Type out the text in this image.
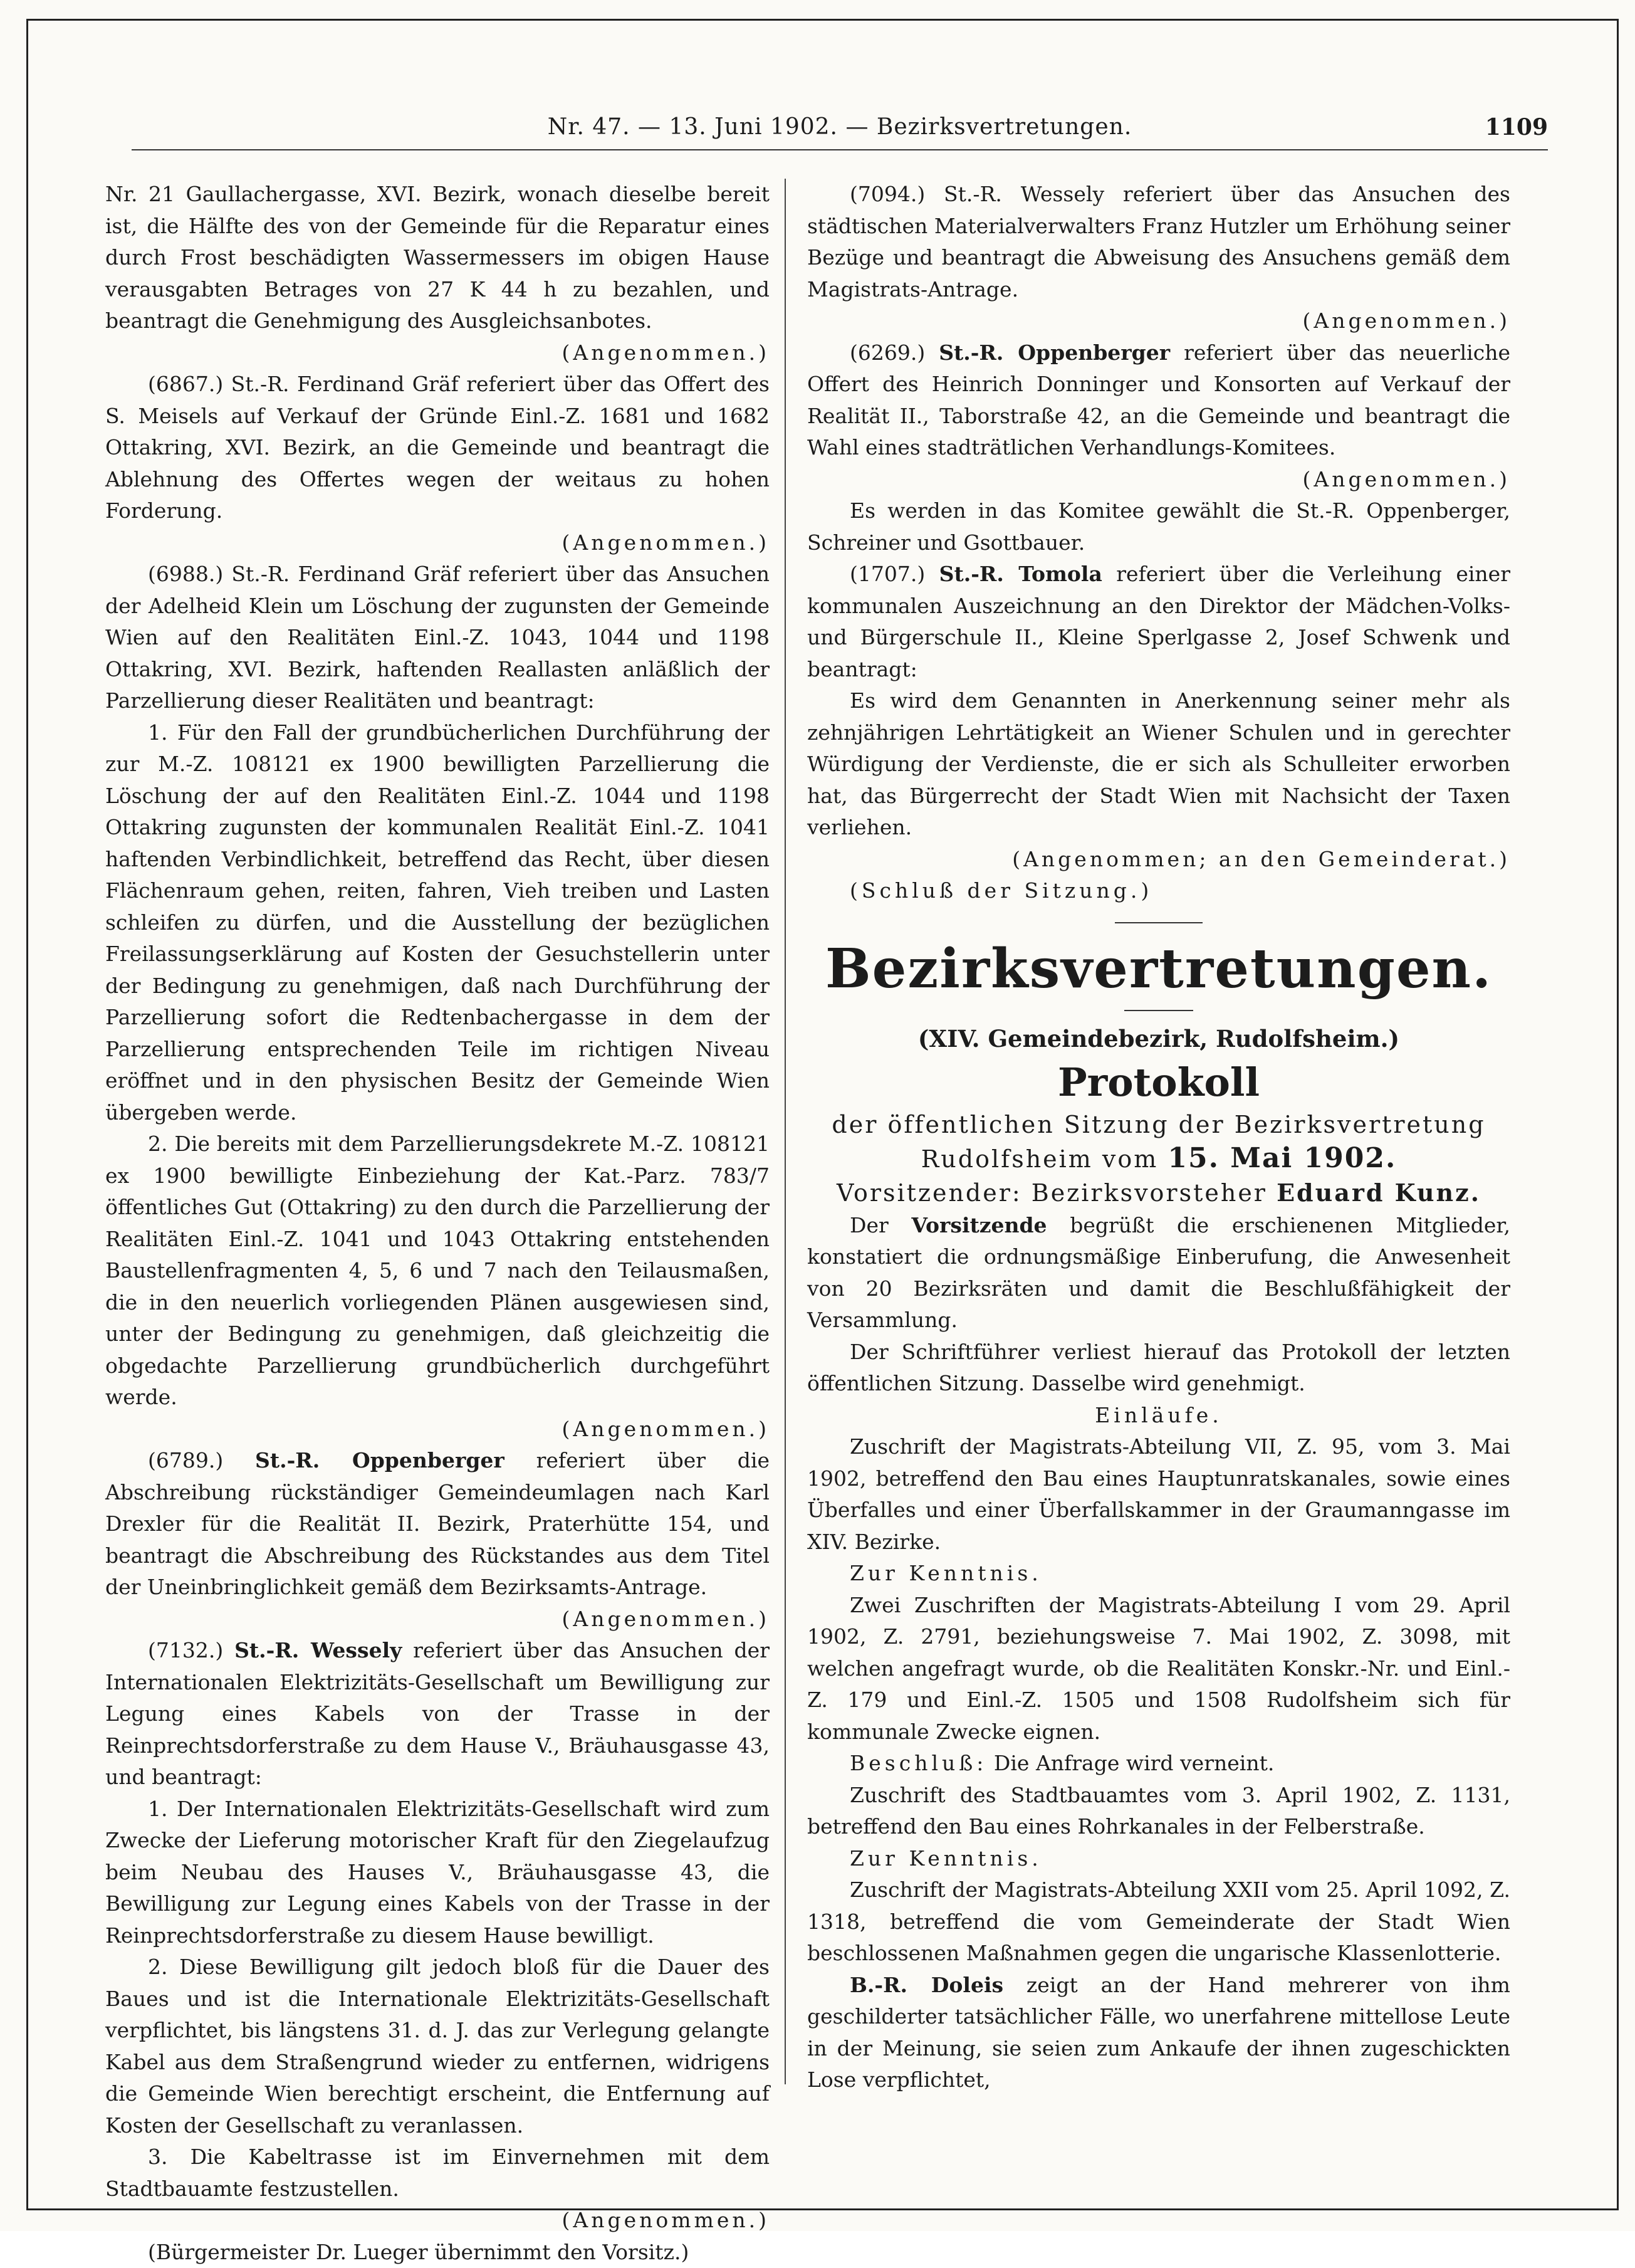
Nr. 47. — 13. Juni 1902. — Bezirksvertretungen.	1109

Nr. 21 Gaullachergasse, XVI. Bezirk, wonach dieselbe bereit ist, die Hälfte des von der Gemeinde für die Reparatur eines durch Frost beschädigten Wassermessers im obigen Hause verausgabten Betrages von 27 K 44 h zu bezahlen, und beantragt die Genehmigung des Ausgleichsanbotes.

(Angenommen.)

(6867.) St.-R. Ferdinand Gräf referiert über das Offert des S. Meisels auf Verkauf der Gründe Einl.-Z. 1681 und 1682 Ottakring, XVI. Bezirk, an die Gemeinde und beantragt die Ablehnung des Offertes wegen der weitaus zu hohen Forderung.

(Angenommen.)

(6988.) St.-R. Ferdinand Gräf referiert über das Ansuchen der Adelheid Klein um Löschung der zugunsten der Gemeinde Wien auf den Realitäten Einl.-Z. 1043, 1044 und 1198 Ottakring, XVI. Bezirk, haftenden Reallasten anläßlich der Parzellierung dieser Realitäten und beantragt:

1. Für den Fall der grundbücherlichen Durchführung der zur M.-Z. 108121 ex 1900 bewilligten Parzellierung die Löschung der auf den Realitäten Einl.-Z. 1044 und 1198 Ottakring zugunsten der kommunalen Realität Einl.-Z. 1041 haftenden Verbindlichkeit, betreffend das Recht, über diesen Flächenraum gehen, reiten, fahren, Vieh treiben und Lasten schleifen zu dürfen, und die Ausstellung der bezüglichen Freilassungserklärung auf Kosten der Gesuchstellerin unter der Bedingung zu genehmigen, daß nach Durchführung der Parzellierung sofort die Redtenbachergasse in dem der Parzellierung entsprechenden Teile im richtigen Niveau eröffnet und in den physischen Besitz der Gemeinde Wien übergeben werde.

2. Die bereits mit dem Parzellierungsdekrete M.-Z. 108121 ex 1900 bewilligte Einbeziehung der Kat.-Parz. 783/7 öffentliches Gut (Ottakring) zu den durch die Parzellierung der Realitäten Einl.-Z. 1041 und 1043 Ottakring entstehenden Baustellenfragmenten 4, 5, 6 und 7 nach den Teilausmaßen, die in den neuerlich vorliegenden Plänen ausgewiesen sind, unter der Bedingung zu genehmigen, daß gleichzeitig die obgedachte Parzellierung grundbücherlich durchgeführt werde.

(Angenommen.)

(6789.) St.-R. Oppenberger referiert über die Abschreibung rückständiger Gemeindeumlagen nach Karl Drexler für die Realität II. Bezirk, Praterhütte 154, und beantragt die Abschreibung des Rückstandes aus dem Titel der Uneinbringlichkeit gemäß dem Bezirksamts-Antrage.

(Angenommen.)

(7132.) St.-R. Wessely referiert über das Ansuchen der Internationalen Elektrizitäts-Gesellschaft um Bewilligung zur Legung eines Kabels von der Trasse in der Reinprechtsdorferstraße zu dem Hause V., Bräuhausgasse 43, und beantragt:

1. Der Internationalen Elektrizitäts-Gesellschaft wird zum Zwecke der Lieferung motorischer Kraft für den Ziegelaufzug beim Neubau des Hauses V., Bräuhausgasse 43, die Bewilligung zur Legung eines Kabels von der Trasse in der Reinprechtsdorferstraße zu diesem Hause bewilligt.

2. Diese Bewilligung gilt jedoch bloß für die Dauer des Baues und ist die Internationale Elektrizitäts-Gesellschaft verpflichtet, bis längstens 31. d. J. das zur Verlegung gelangte Kabel aus dem Straßengrund wieder zu entfernen, widrigens die Gemeinde Wien berechtigt erscheint, die Entfernung auf Kosten der Gesellschaft zu veranlassen.

3. Die Kabeltrasse ist im Einvernehmen mit dem Stadtbauamte festzustellen.

(Angenommen.)

(Bürgermeister Dr. Lueger übernimmt den Vorsitz.)

(7094.) St.-R. Wessely referiert über das Ansuchen des städtischen Materialverwalters Franz Hutzler um Erhöhung seiner Bezüge und beantragt die Abweisung des Ansuchens gemäß dem Magistrats-Antrage.

(Angenommen.)

(6269.) St.-R. Oppenberger referiert über das neuerliche Offert des Heinrich Donninger und Konsorten auf Verkauf der Realität II., Taborstraße 42, an die Gemeinde und beantragt die Wahl eines stadträtlichen Verhandlungs-Komitees.

(Angenommen.)

Es werden in das Komitee gewählt die St.-R. Oppenberger, Schreiner und Gsottbauer.

(1707.) St.-R. Tomola referiert über die Verleihung einer kommunalen Auszeichnung an den Direktor der Mädchen-Volks- und Bürgerschule II., Kleine Sperlgasse 2, Josef Schwenk und beantragt:

Es wird dem Genannten in Anerkennung seiner mehr als zehnjährigen Lehrtätigkeit an Wiener Schulen und in gerechter Würdigung der Verdienste, die er sich als Schulleiter erworben hat, das Bürgerrecht der Stadt Wien mit Nachsicht der Taxen verliehen.

(Angenommen; an den Gemeinderat.)

(Schluß der Sitzung.)

Bezirksvertretungen.
(XIV. Gemeindebezirk, Rudolfsheim.)
Protokoll
der öffentlichen Sitzung der Bezirksvertretung
Rudolfsheim vom 15. Mai 1902.
Vorsitzender: Bezirksvorsteher Eduard Kunz.

Der Vorsitzende begrüßt die erschienenen Mitglieder, konstatiert die ordnungsmäßige Einberufung, die Anwesenheit von 20 Bezirksräten und damit die Beschlußfähigkeit der Versammlung.

Der Schriftführer verliest hierauf das Protokoll der letzten öffentlichen Sitzung. Dasselbe wird genehmigt.

Einläufe.

Zuschrift der Magistrats-Abteilung VII, Z. 95, vom 3. Mai 1902, betreffend den Bau eines Hauptunratskanales, sowie eines Überfalles und einer Überfallskammer in der Graumanngasse im XIV. Bezirke.

Zur Kenntnis.

Zwei Zuschriften der Magistrats-Abteilung I vom 29. April 1902, Z. 2791, beziehungsweise 7. Mai 1902, Z. 3098, mit welchen angefragt wurde, ob die Realitäten Konskr.-Nr. und Einl.-Z. 179 und Einl.-Z. 1505 und 1508 Rudolfsheim sich für kommunale Zwecke eignen.

Beschluß: Die Anfrage wird verneint.

Zuschrift des Stadtbauamtes vom 3. April 1902, Z. 1131, betreffend den Bau eines Rohrkanales in der Felberstraße.

Zur Kenntnis.

Zuschrift der Magistrats-Abteilung XXII vom 25. April 1092, Z. 1318, betreffend die vom Gemeinderate der Stadt Wien beschlossenen Maßnahmen gegen die ungarische Klassenlotterie.

B.-R. Doleis zeigt an der Hand mehrerer von ihm geschilderter tatsächlicher Fälle, wo unerfahrene mittellose Leute in der Meinung, sie seien zum Ankaufe der ihnen zugeschickten Lose verpflichtet,
